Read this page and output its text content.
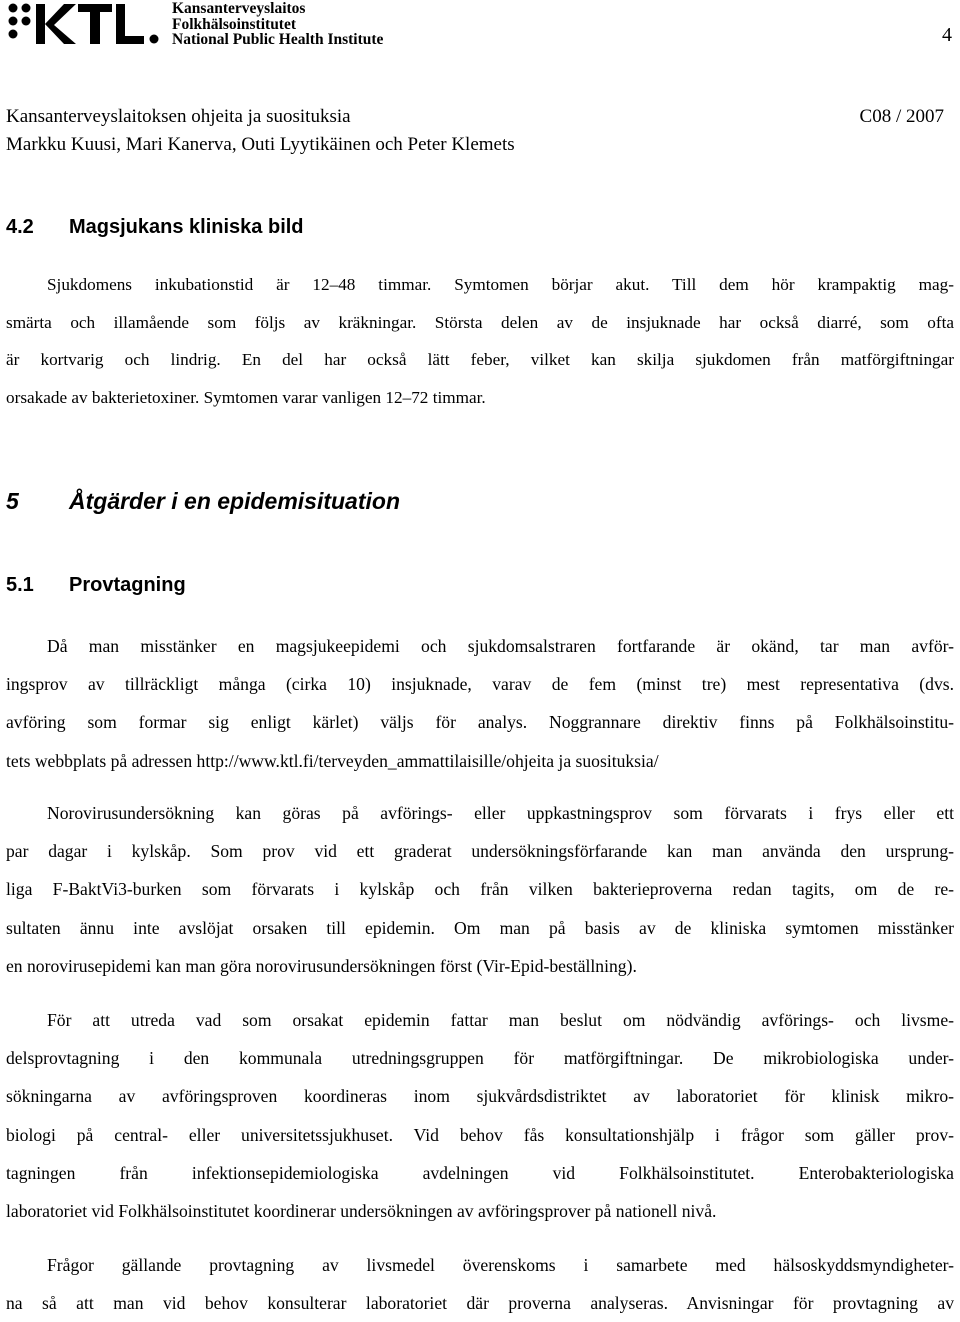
Kansanterveyslaitos
Folkhälsoinstitutet
National Public Health Institute	4
Kansanterveyslaitoksen ohjeita ja suosituksia	C08 / 2007
Markku Kuusi, Mari Kanerva, Outi Lyytikäinen och Peter Klemets
4.2 Magsjukans kliniska bild
Sjukdomens inkubationstid är 12–48 timmar. Symtomen börjar akut. Till dem hör krampaktig mag-
smärta och illamående som följs av kräkningar. Största delen av de insjuknade har också diarré, som ofta
är kortvarig och lindrig. En del har också lätt feber, vilket kan skilja sjukdomen från matförgiftningar
orsakade av bakterietoxiner. Symtomen varar vanligen 12–72 timmar.
5 Åtgärder i en epidemisituation
5.1 Provtagning
Då man misstänker en magsjukeepidemi och sjukdomsalstraren fortfarande är okänd, tar man avför-
ingsprov av tillräckligt många (cirka 10) insjuknade, varav de fem (minst tre) mest representativa (dvs.
avföring som formar sig enligt kärlet) väljs för analys. Noggrannare direktiv finns på Folkhälsoinstitu-
tets webbplats på adressen http://www.ktl.fi/terveyden_ammattilaisille/ohjeita ja suosituksia/
Norovirusundersökning kan göras på avförings- eller uppkastningsprov som förvarats i frys eller ett
par dagar i kylskåp. Som prov vid ett graderat undersökningsförfarande kan man använda den ursprung-
liga F-BaktVi3-burken som förvarats i kylskåp och från vilken bakterieproverna redan tagits, om de re-
sultaten ännu inte avslöjat orsaken till epidemin. Om man på basis av de kliniska symtomen misstänker
en norovirusepidemi kan man göra norovirusundersökningen först (Vir-Epid-beställning).
För att utreda vad som orsakat epidemin fattar man beslut om nödvändig avförings- och livsme-
delsprovtagning i den kommunala utredningsgruppen för matförgiftningar. De mikrobiologiska under-
sökningarna av avföringsproven koordineras inom sjukvårdsdistriktet av laboratoriet för klinisk mikro-
biologi på central- eller universitetssjukhuset. Vid behov fås konsultationshjälp i frågor som gäller prov-
tagningen från infektionsepidemiologiska avdelningen vid Folkhälsoinstitutet. Enterobakteriologiska
laboratoriet vid Folkhälsoinstitutet koordinerar undersökningen av avföringsprover på nationell nivå.
Frågor gällande provtagning av livsmedel överenskoms i samarbete med hälsoskyddsmyndigheter-
na så att man vid behov konsulterar laboratoriet där proverna analyseras. Anvisningar för provtagning av
